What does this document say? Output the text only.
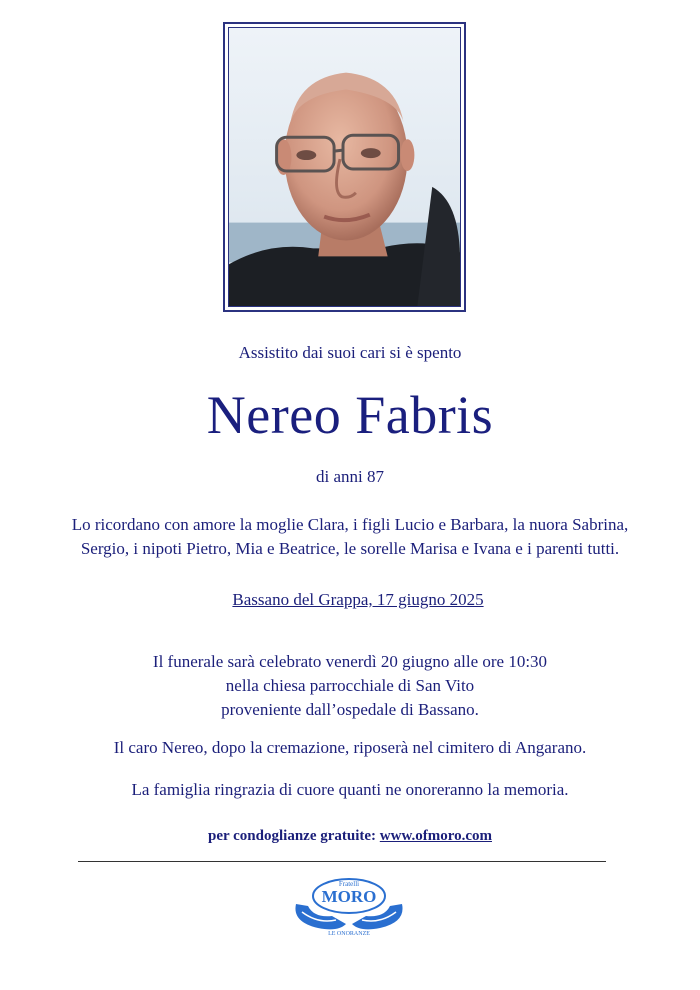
Assistito dai suoi cari si è spento
Nereo Fabris
di anni 87
Lo ricordano con amore la moglie Clara, i figli Lucio e Barbara, la nuora Sabrina,
Sergio, i nipoti Pietro, Mia e Beatrice, le sorelle Marisa e Ivana e i parenti tutti.
Bassano del Grappa, 17 giugno 2025
Il funerale sarà celebrato venerdì 20 giugno alle ore 10:30
nella chiesa parrocchiale di San Vito
proveniente dall’ospedale di Bassano.
Il caro Nereo, dopo la cremazione, riposerà nel cimitero di Angarano.
La famiglia ringrazia di cuore quanti ne onoreranno la memoria.
per condoglianze gratuite: www.ofmoro.com
Fratelli
MORO
LE ONORANZE
